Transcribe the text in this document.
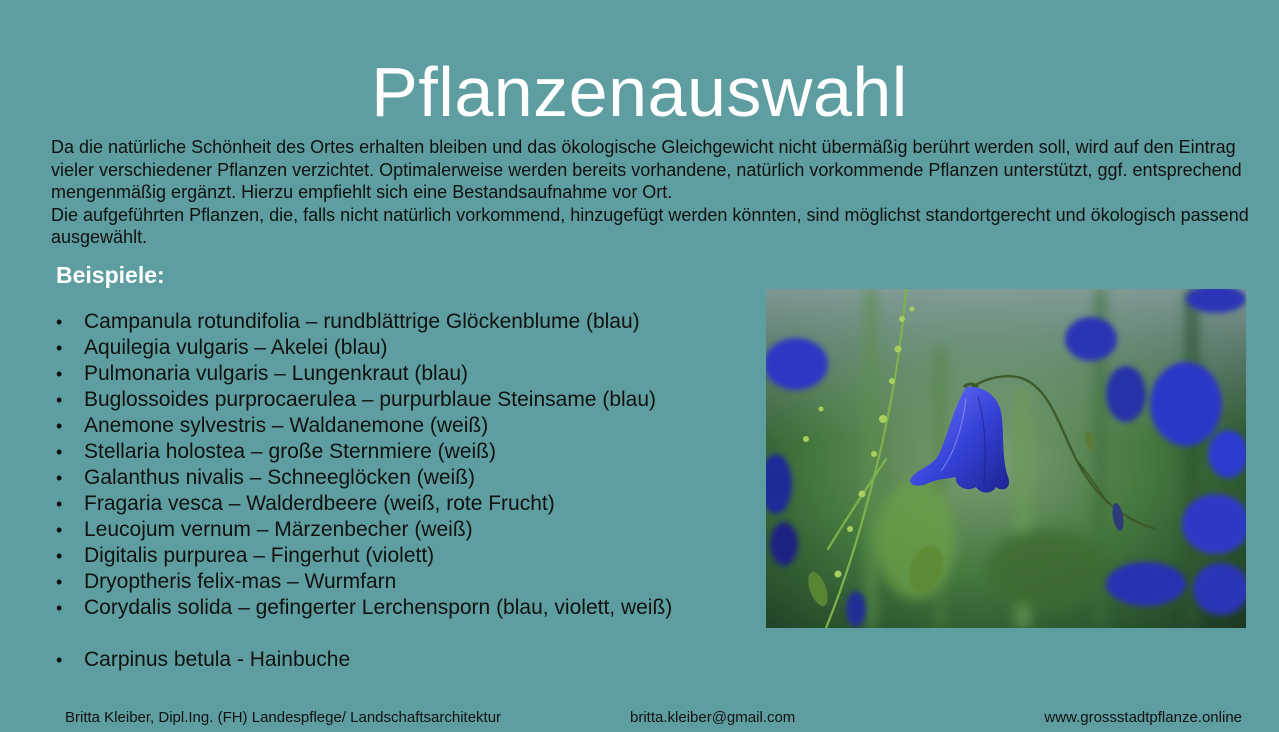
Pflanzenauswahl

Da die natürliche Schönheit des Ortes erhalten bleiben und das ökologische Gleichgewicht nicht übermäßig berührt werden soll, wird auf den Eintrag vieler verschiedener Pflanzen verzichtet. Optimalerweise werden bereits vorhandene, natürlich vorkommende Pflanzen unterstützt, ggf. entsprechend mengenmäßig ergänzt. Hierzu empfiehlt sich eine Bestandsaufnahme vor Ort.

Die aufgeführten Pflanzen, die, falls nicht natürlich vorkommend, hinzugefügt werden könnten, sind möglichst standortgerecht und ökologisch passend ausgewählt.

Beispiele:
• Campanula rotundifolia – rundblättrige Glöckenblume (blau)
• Aquilegia vulgaris – Akelei (blau)
• Pulmonaria vulgaris – Lungenkraut (blau)
• Buglossoides purprocaerulea – purpurblaue Steinsame (blau)
• Anemone sylvestris – Waldanemone (weiß)
• Stellaria holostea – große Sternmiere (weiß)
• Galanthus nivalis – Schneeglöcken (weiß)
• Fragaria vesca – Walderdbeere (weiß, rote Frucht)
• Leucojum vernum – Märzenbecher (weiß)
• Digitalis purpurea – Fingerhut (violett)
• Dryoptheris felix-mas – Wurmfarn
• Corydalis solida – gefingerter Lerchensporn (blau, violett, weiß)
• Carpinus betula - Hainbuche
Britta Kleiber, Dipl.Ing. (FH) Landespflege/ Landschaftsarchitektur	britta.kleiber@gmail.com	www.grossstadtpflanze.online
